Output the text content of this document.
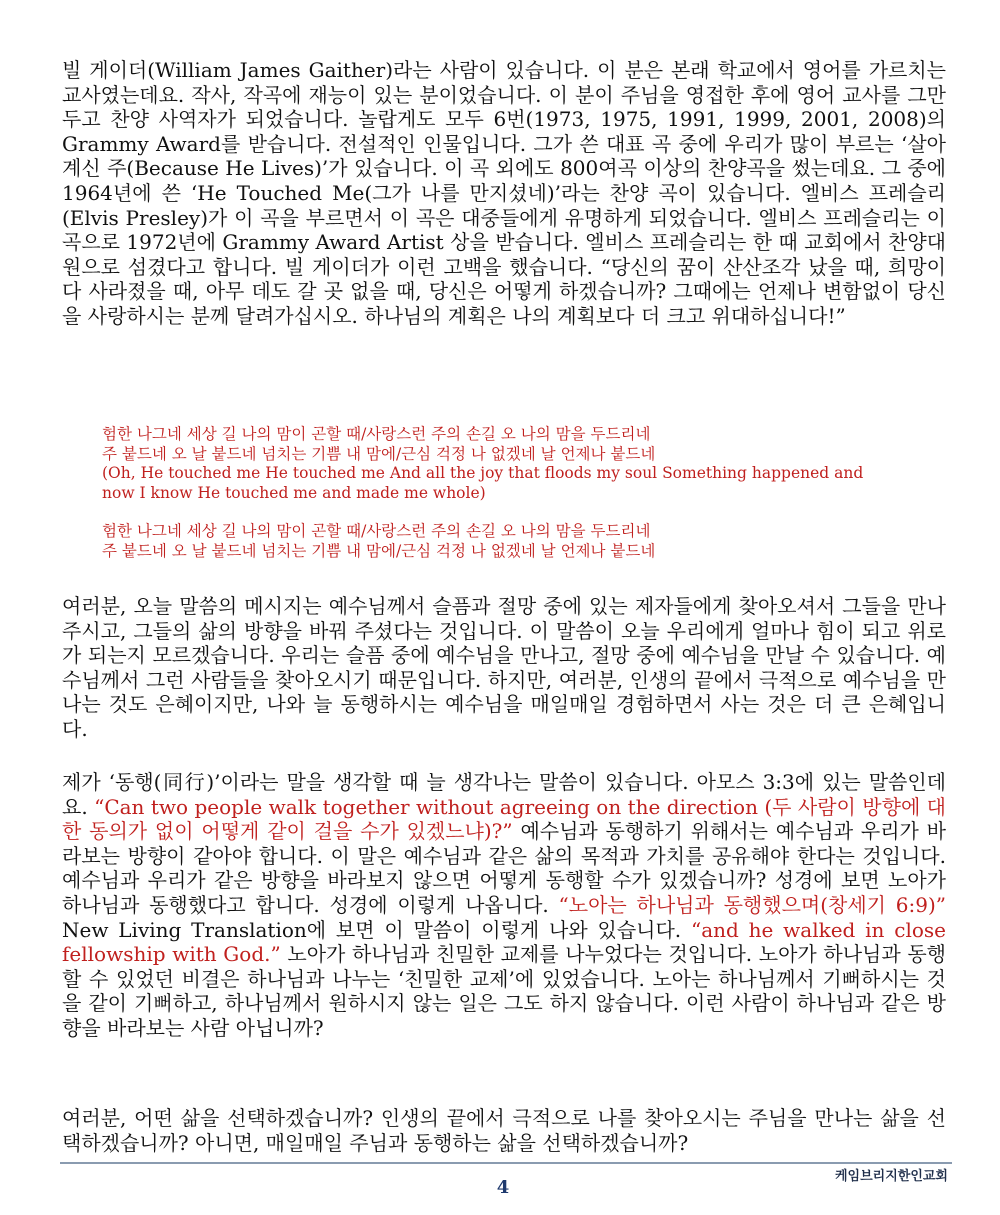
빌 게이더(William James Gaither)라는 사람이 있습니다. 이 분은 본래 학교에서 영어를 가르치는 교사였는데요. 작사, 작곡에 재능이 있는 분이었습니다. 이 분이 주님을 영접한 후에 영어 교사를 그만두고 찬양 사역자가 되었습니다. 놀랍게도 모두 6번(1973, 1975, 1991, 1999, 2001, 2008)의 Grammy Award를 받습니다. 전설적인 인물입니다. 그가 쓴 대표 곡 중에 우리가 많이 부르는 ‘살아 계신 주(Because He Lives)’가 있습니다. 이 곡 외에도 800여곡 이상의 찬양곡을 썼는데요. 그 중에 1964년에 쓴 ‘He Touched Me(그가 나를 만지셨네)’라는 찬양 곡이 있습니다. 엘비스 프레슬리(Elvis Presley)가 이 곡을 부르면서 이 곡은 대중들에게 유명하게 되었습니다. 엘비스 프레슬리는 이 곡으로 1972년에 Grammy Award Artist 상을 받습니다. 엘비스 프레슬리는 한 때 교회에서 찬양대원으로 섬겼다고 합니다. 빌 게이더가 이런 고백을 했습니다. “당신의 꿈이 산산조각 났을 때, 희망이 다 사라졌을 때, 아무 데도 갈 곳 없을 때, 당신은 어떻게 하겠습니까? 그때에는 언제나 변함없이 당신을 사랑하시는 분께 달려가십시오. 하나님의 계획은 나의 계획보다 더 크고 위대하십니다!”

험한 나그네 세상 길 나의 맘이 곤할 때/사랑스런 주의 손길 오 나의 맘을 두드리네
주 붙드네 오 날 붙드네 넘치는 기쁨 내 맘에/근심 걱정 나 없겠네 날 언제나 붙드네
(Oh, He touched me He touched me And all the joy that floods my soul Something happened and
now I know He touched me and made me whole)
험한 나그네 세상 길 나의 맘이 곤할 때/사랑스런 주의 손길 오 나의 맘을 두드리네
주 붙드네 오 날 붙드네 넘치는 기쁨 내 맘에/근심 걱정 나 없겠네 날 언제나 붙드네

여러분, 오늘 말씀의 메시지는 예수님께서 슬픔과 절망 중에 있는 제자들에게 찾아오셔서 그들을 만나주시고, 그들의 삶의 방향을 바꿔 주셨다는 것입니다. 이 말씀이 오늘 우리에게 얼마나 힘이 되고 위로가 되는지 모르겠습니다. 우리는 슬픔 중에 예수님을 만나고, 절망 중에 예수님을 만날 수 있습니다. 예수님께서 그런 사람들을 찾아오시기 때문입니다. 하지만, 여러분, 인생의 끝에서 극적으로 예수님을 만나는 것도 은혜이지만, 나와 늘 동행하시는 예수님을 매일매일 경험하면서 사는 것은 더 큰 은혜입니다.

제가 ‘동행(同行)’이라는 말을 생각할 때 늘 생각나는 말씀이 있습니다. 아모스 3:3에 있는 말씀인데요. “Can two people walk together without agreeing on the direction (두 사람이 방향에 대한 동의가 없이 어떻게 같이 걸을 수가 있겠느냐)?” 예수님과 동행하기 위해서는 예수님과 우리가 바라보는 방향이 같아야 합니다. 이 말은 예수님과 같은 삶의 목적과 가치를 공유해야 한다는 것입니다. 예수님과 우리가 같은 방향을 바라보지 않으면 어떻게 동행할 수가 있겠습니까? 성경에 보면 노아가 하나님과 동행했다고 합니다. 성경에 이렇게 나옵니다. “노아는 하나님과 동행했으며(창세기 6:9)” New Living Translation에 보면 이 말씀이 이렇게 나와 있습니다. “and he walked in close fellowship with God.” 노아가 하나님과 친밀한 교제를 나누었다는 것입니다. 노아가 하나님과 동행할 수 있었던 비결은 하나님과 나누는 ‘친밀한 교제’에 있었습니다. 노아는 하나님께서 기뻐하시는 것을 같이 기뻐하고, 하나님께서 원하시지 않는 일은 그도 하지 않습니다. 이런 사람이 하나님과 같은 방향을 바라보는 사람 아닙니까?

여러분, 어떤 삶을 선택하겠습니까? 인생의 끝에서 극적으로 나를 찾아오시는 주님을 만나는 삶을 선택하겠습니까? 아니면, 매일매일 주님과 동행하는 삶을 선택하겠습니까?

케임브리지한인교회
4
